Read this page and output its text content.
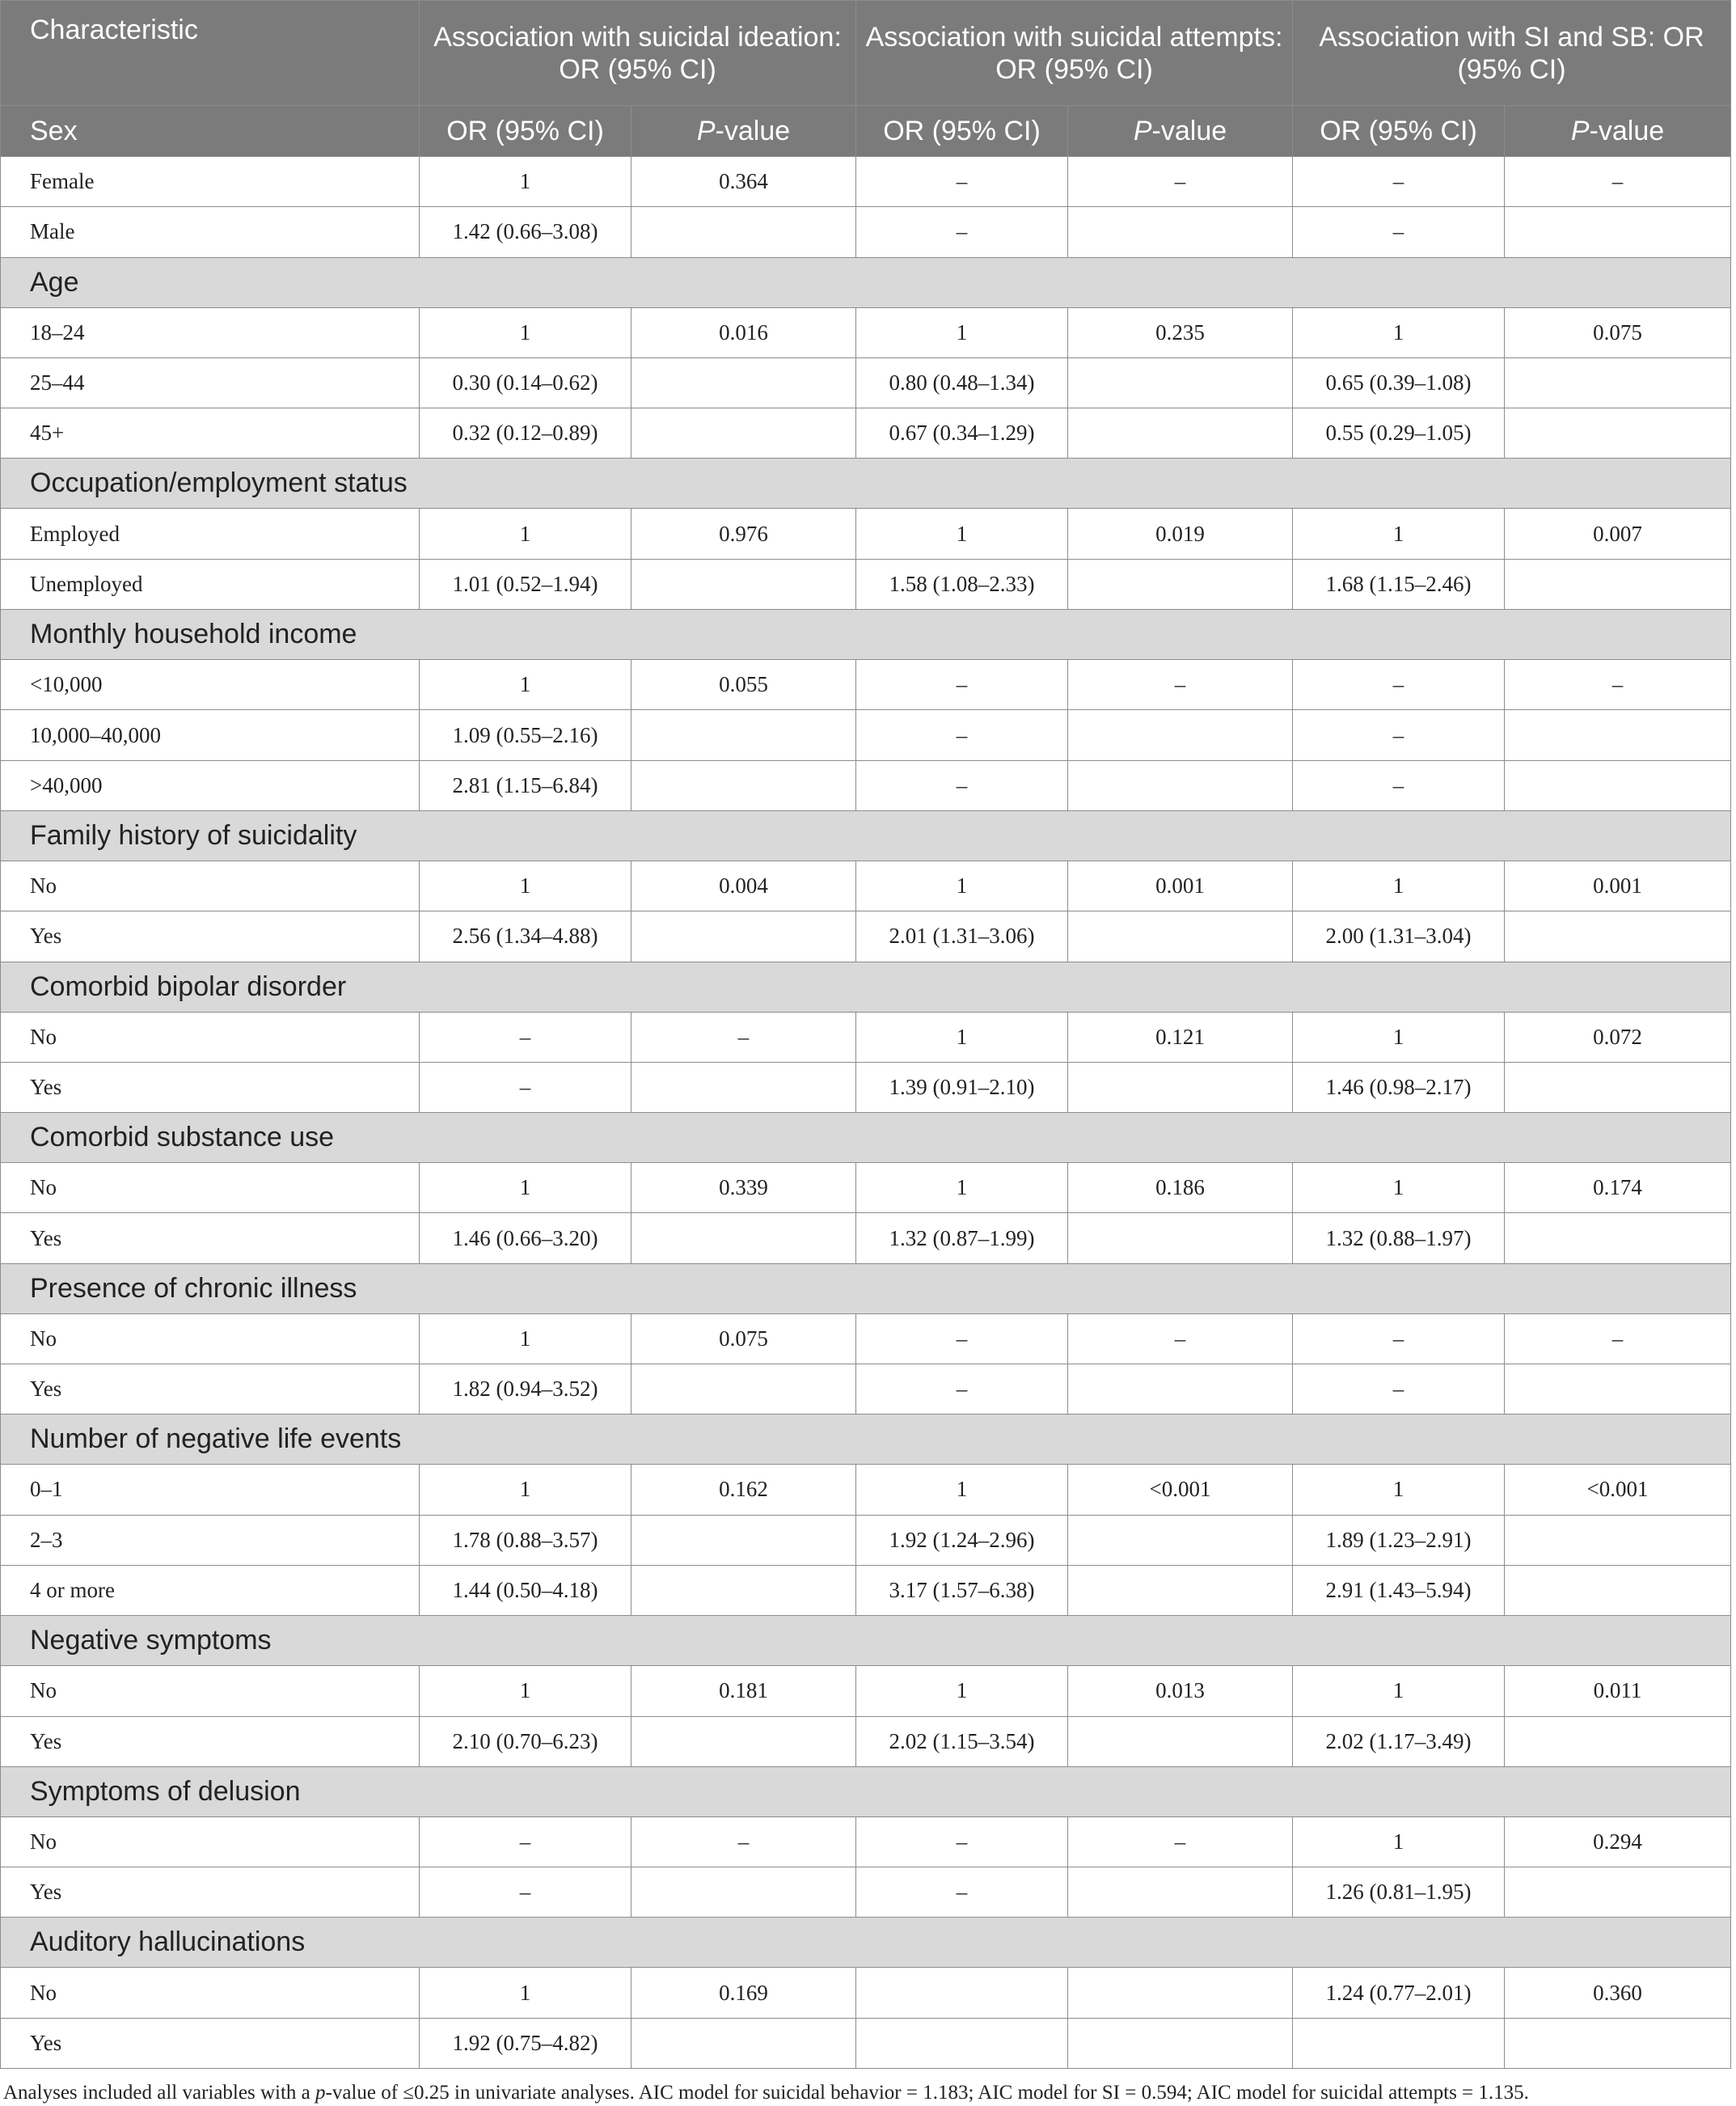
Characteristic	Association with suicidal ideation: OR (95% CI)		Association with suicidal attempts: OR (95% CI)		Association with SI and SB: OR (95% CI)	
Sex	OR (95% CI)	P-value	OR (95% CI)	P-value	OR (95% CI)	P-value
Female	1	0.364	–	–	–	–
Male	1.42 (0.66–3.08)		–		–	
Age						
18–24	1	0.016	1	0.235	1	0.075
25–44	0.30 (0.14–0.62)		0.80 (0.48–1.34)		0.65 (0.39–1.08)	
45+	0.32 (0.12–0.89)		0.67 (0.34–1.29)		0.55 (0.29–1.05)	
Occupation/employment status						
Employed	1	0.976	1	0.019	1	0.007
Unemployed	1.01 (0.52–1.94)		1.58 (1.08–2.33)		1.68 (1.15–2.46)	
Monthly household income						
<10,000	1	0.055	–	–	–	–
10,000–40,000	1.09 (0.55–2.16)		–		–	
>40,000	2.81 (1.15–6.84)		–		–	
Family history of suicidality						
No	1	0.004	1	0.001	1	0.001
Yes	2.56 (1.34–4.88)		2.01 (1.31–3.06)		2.00 (1.31–3.04)	
Comorbid bipolar disorder						
No	–	–	1	0.121	1	0.072
Yes	–		1.39 (0.91–2.10)		1.46 (0.98–2.17)	
Comorbid substance use						
No	1	0.339	1	0.186	1	0.174
Yes	1.46 (0.66–3.20)		1.32 (0.87–1.99)		1.32 (0.88–1.97)	
Presence of chronic illness						
No	1	0.075	–	–	–	–
Yes	1.82 (0.94–3.52)		–		–	
Number of negative life events						
0–1	1	0.162	1	<0.001	1	<0.001
2–3	1.78 (0.88–3.57)		1.92 (1.24–2.96)		1.89 (1.23–2.91)	
4 or more	1.44 (0.50–4.18)		3.17 (1.57–6.38)		2.91 (1.43–5.94)	
Negative symptoms						
No	1	0.181	1	0.013	1	0.011
Yes	2.10 (0.70–6.23)		2.02 (1.15–3.54)		2.02 (1.17–3.49)	
Symptoms of delusion						
No	–	–	–	–	1	0.294
Yes	–		–		1.26 (0.81–1.95)	
Auditory hallucinations						
No	1	0.169			1.24 (0.77–2.01)	0.360
Yes	1.92 (0.75–4.82)					
Analyses included all variables with a p-value of ≤0.25 in univariate analyses. AIC model for suicidal behavior = 1.183; AIC model for SI = 0.594; AIC model for suicidal attempts = 1.135.
